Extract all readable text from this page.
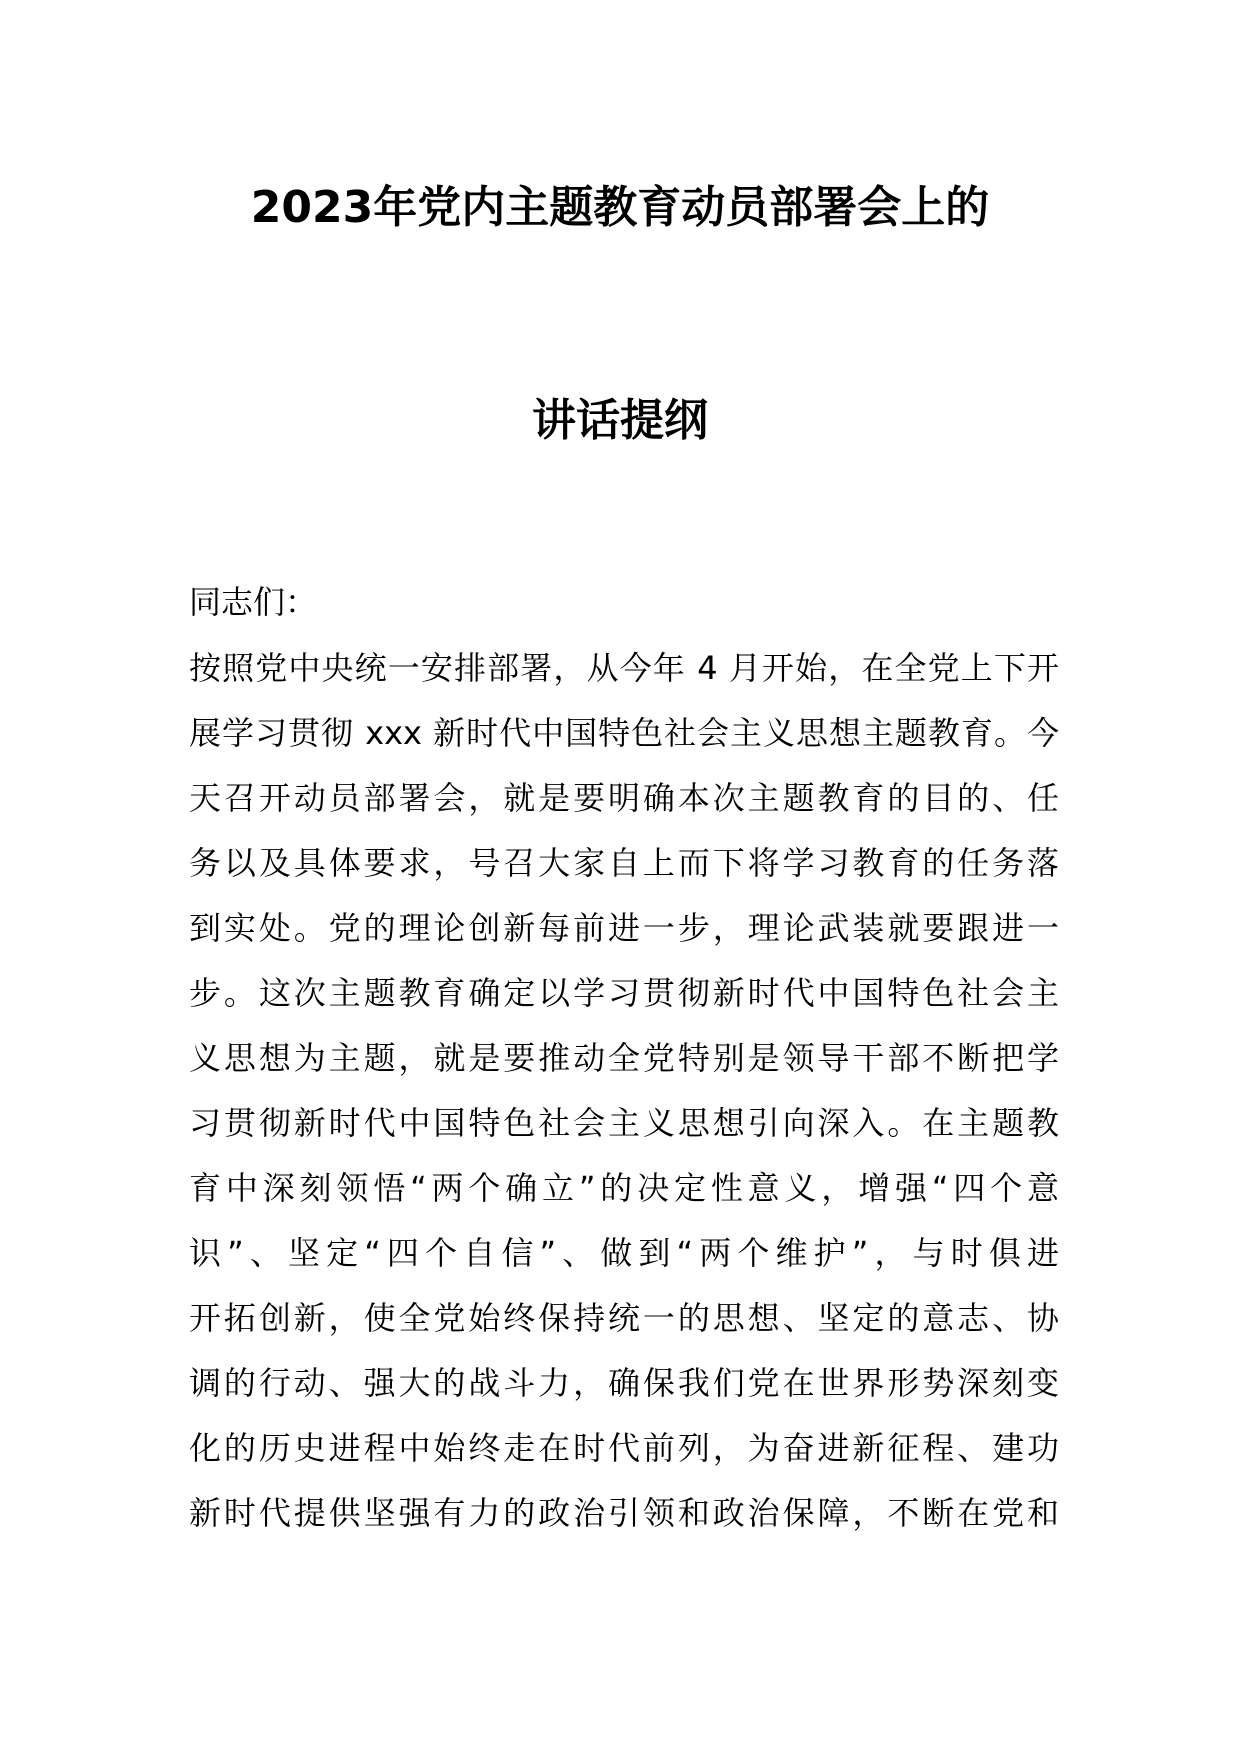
2023年党内主题教育动员部署会上的
讲话提纲

同志们：

按照党中央统一安排部署，从今年 4 月开始，在全党上下开
展学习贯彻 xxx 新时代中国特色社会主义思想主题教育。今
天召开动员部署会，就是要明确本次主题教育的目的、任
务以及具体要求，号召大家自上而下将学习教育的任务落
到实处。党的理论创新每前进一步，理论武装就要跟进一
步。这次主题教育确定以学习贯彻新时代中国特色社会主
义思想为主题，就是要推动全党特别是领导干部不断把学
习贯彻新时代中国特色社会主义思想引向深入。在主题教
育中深刻领悟“两个确立”的决定性意义，增强“四个意
识”、坚定“四个自信”、做到“两个维护”，与时俱进
开拓创新，使全党始终保持统一的思想、坚定的意志、协
调的行动、强大的战斗力，确保我们党在世界形势深刻变
化的历史进程中始终走在时代前列，为奋进新征程、建功
新时代提供坚强有力的政治引领和政治保障，不断在党和
